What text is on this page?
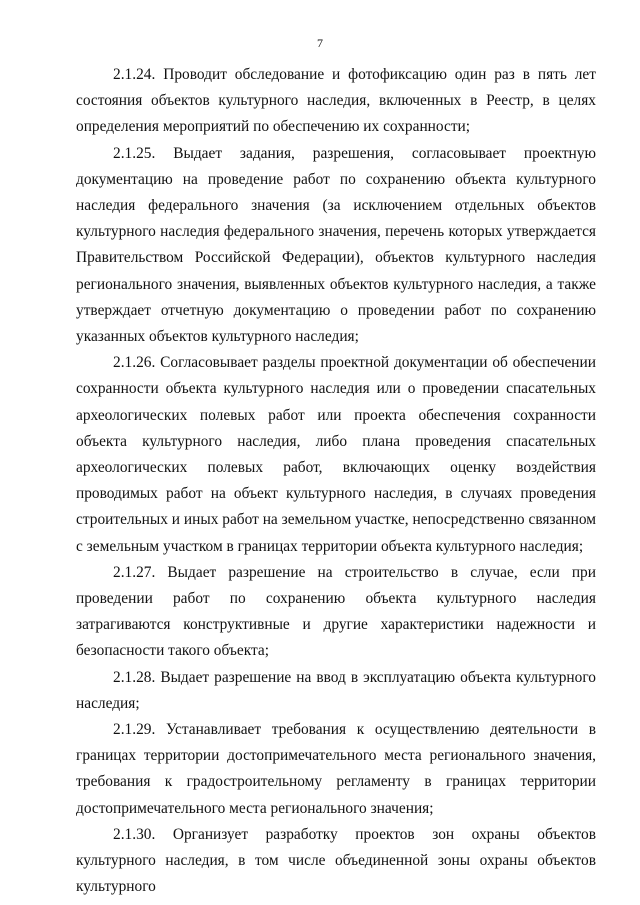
7

2.1.24. Проводит обследование и фотофиксацию один раз в пять лет состояния объектов культурного наследия, включенных в Реестр, в целях определения мероприятий по обеспечению их сохранности;

2.1.25. Выдает задания, разрешения, согласовывает проектную документацию на проведение работ по сохранению объекта культурного наследия федерального значения (за исключением отдельных объектов культурного наследия федерального значения, перечень которых утверждается Правительством Российской Федерации), объектов культурного наследия регионального значения, выявленных объектов культурного наследия, а также утверждает отчетную документацию о проведении работ по сохранению указанных объектов культурного наследия;

2.1.26. Согласовывает разделы проектной документации об обеспечении сохранности объекта культурного наследия или о проведении спасательных археологических полевых работ или проекта обеспечения сохранности объекта культурного наследия, либо плана проведения спасательных археологических полевых работ, включающих оценку воздействия проводимых работ на объект культурного наследия, в случаях проведения строительных и иных работ на земельном участке, непосредственно связанном с земельным участком в границах территории объекта культурного наследия;

2.1.27. Выдает разрешение на строительство в случае, если при проведении работ по сохранению объекта культурного наследия затрагиваются конструктивные и другие характеристики надежности и безопасности такого объекта;

2.1.28. Выдает разрешение на ввод в эксплуатацию объекта культурного наследия;

2.1.29. Устанавливает требования к осуществлению деятельности в границах территории достопримечательного места регионального значения, требования к градостроительному регламенту в границах территории достопримечательного места регионального значения;

2.1.30. Организует разработку проектов зон охраны объектов культурного наследия, в том числе объединенной зоны охраны объектов культурного
